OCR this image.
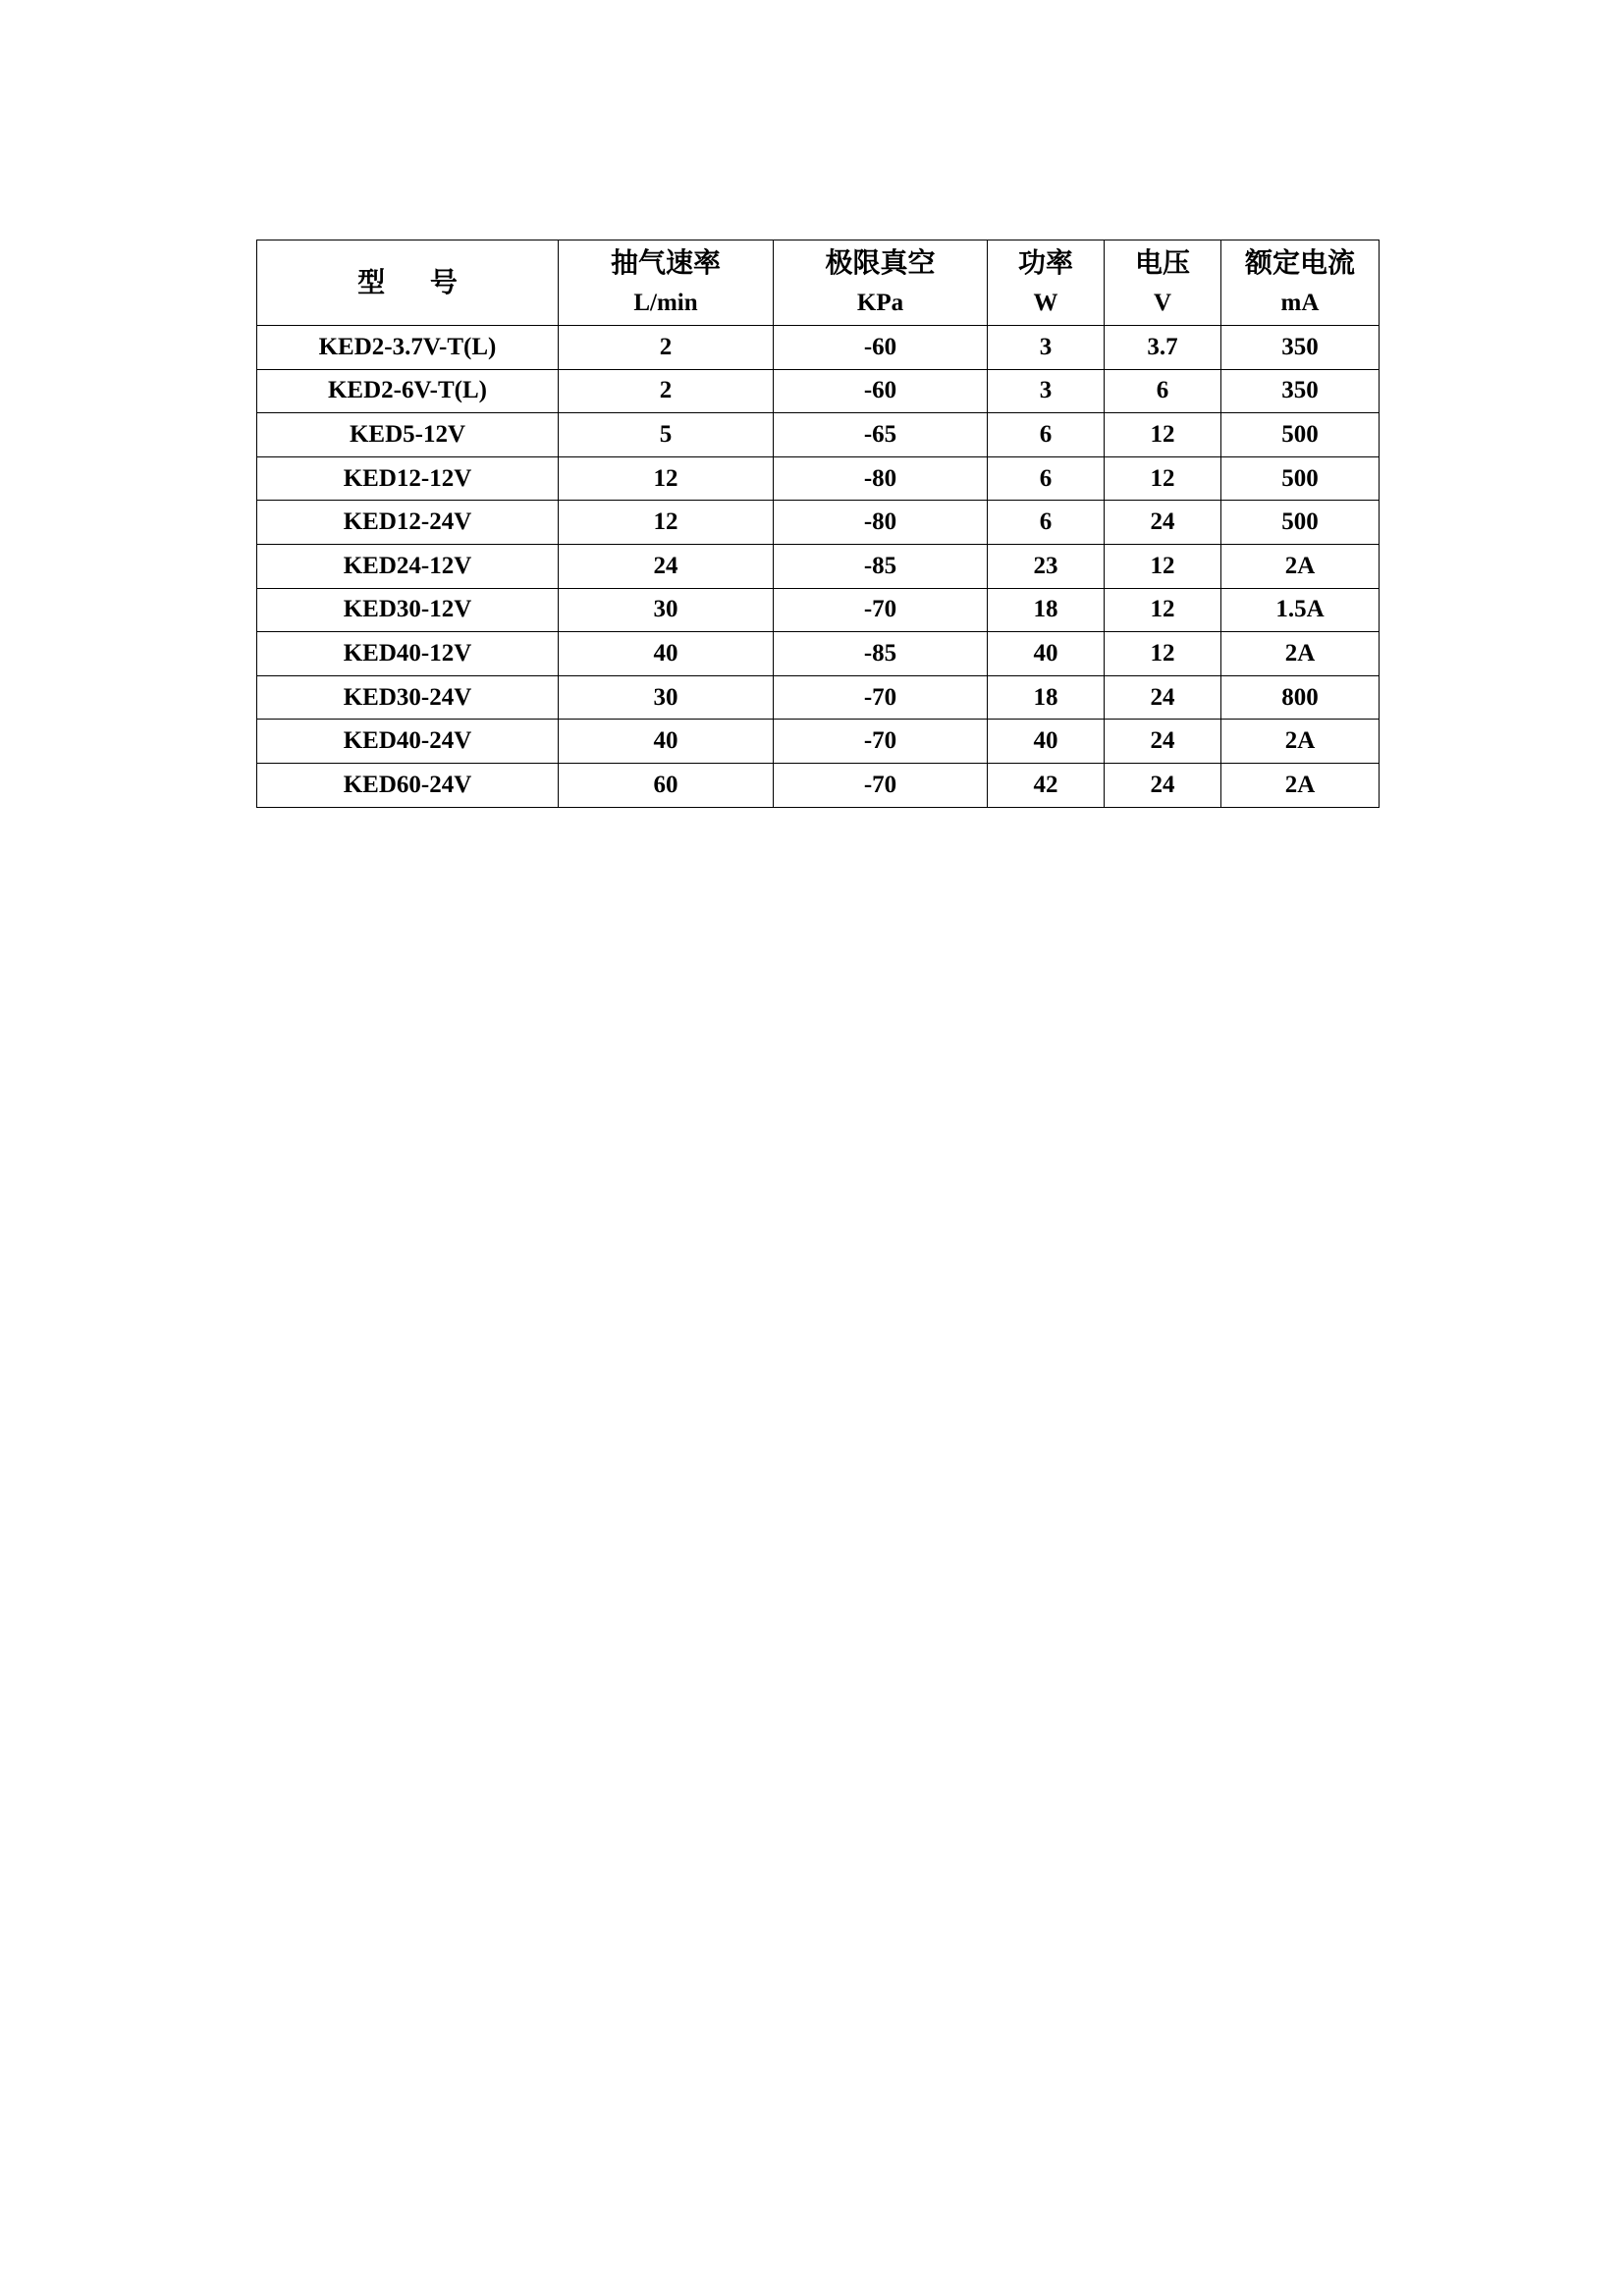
型 号	抽气速率	极限真空	功率	电压	额定电流
	L/min	KPa	W	V	mA
KED2-3.7V-T(L)	2	-60	3	3.7	350
KED2-6V-T(L)	2	-60	3	6	350
KED5-12V	5	-65	6	12	500
KED12-12V	12	-80	6	12	500
KED12-24V	12	-80	6	24	500
KED24-12V	24	-85	23	12	2A
KED30-12V	30	-70	18	12	1.5A
KED40-12V	40	-85	40	12	2A
KED30-24V	30	-70	18	24	800
KED40-24V	40	-70	40	24	2A
KED60-24V	60	-70	42	24	2A
